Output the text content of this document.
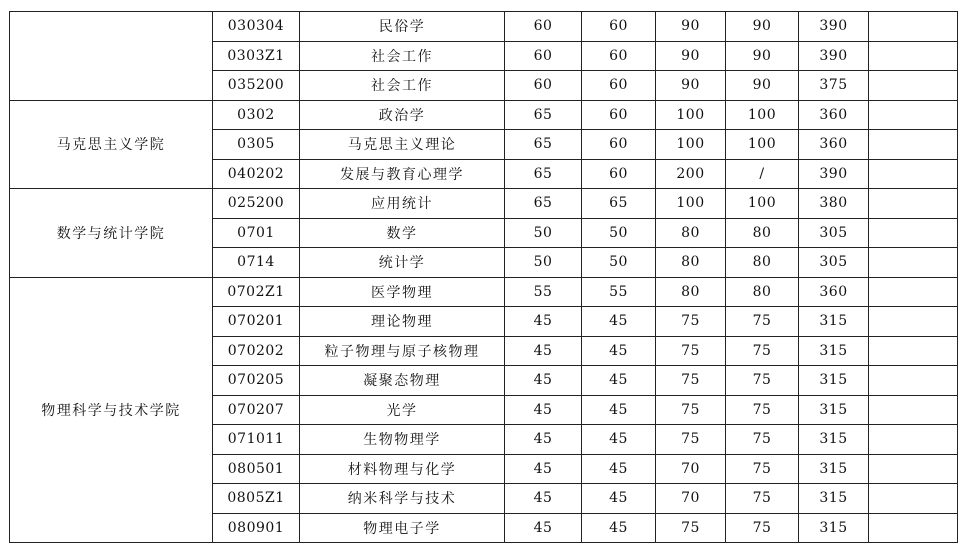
	030304	民俗学	60	60	90	90	390	
	0303Z1	社会工作	60	60	90	90	390	
	035200	社会工作	60	60	90	90	375	
马克思主义学院	0302	政治学	65	60	100	100	360	
	0305	马克思主义理论	65	60	100	100	360	
	040202	发展与教育心理学	65	60	200	/	390	
数学与统计学院	025200	应用统计	65	65	100	100	380	
	0701	数学	50	50	80	80	305	
	0714	统计学	50	50	80	80	305	
物理科学与技术学院	0702Z1	医学物理	55	55	80	80	360	
	070201	理论物理	45	45	75	75	315	
	070202	粒子物理与原子核物理	45	45	75	75	315	
	070205	凝聚态物理	45	45	75	75	315	
	070207	光学	45	45	75	75	315	
	071011	生物物理学	45	45	75	75	315	
	080501	材料物理与化学	45	45	70	75	315	
	0805Z1	纳米科学与技术	45	45	70	75	315	
	080901	物理电子学	45	45	75	75	315	
